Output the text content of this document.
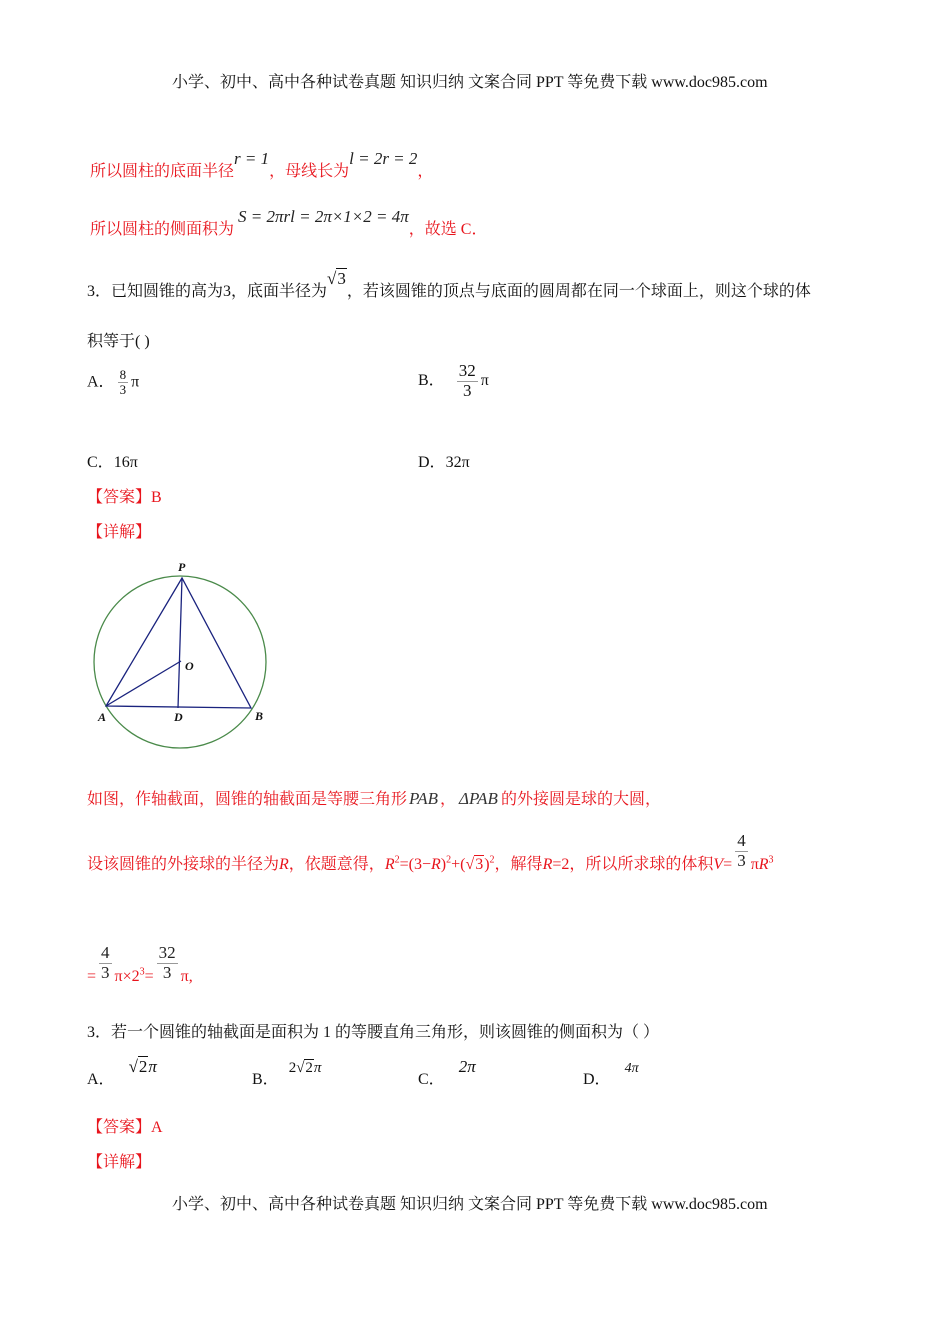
小学、初中、高中各种试卷真题 知识归纳 文案合同 PPT 等免费下载 www.doc985.com
所以圆柱的底面半径r = 1，母线长为l = 2r = 2，
所以圆柱的侧面积为S = 2πrl = 2π×1×2 = 4π，故选 C．
3．已知圆锥的高为3，底面半径为√3，若该圆锥的顶点与底面的圆周都在同一个球面上，则这个球的体
积等于( )
A． $\frac{8}{3}$ π	B． $\frac{32}{3}$ π
C．16π	D．32π
【答案】B
【详解】
P
O
A	D	B
如图，作轴截面，圆锥的轴截面是等腰三角形 PAB ， ΔPAB 的外接圆是球的大圆，
设该圆锥的外接球的半径为R，依题意得，$R^2=(3-R)^2+(√3)^2$，解得R=2，所以所求球的体积$V= \frac{4}{3} \pi R^3$
= $\frac{4}{3} \pi\times 2^3= \frac{32}{3} \pi$,
3．若一个圆锥的轴截面是面积为 1 的等腰直角三角形，则该圆锥的侧面积为（ ）
A．√2π
B．2√2π
C．2π
D．4π
【答案】A
【详解】
小学、初中、高中各种试卷真题 知识归纳 文案合同 PPT 等免费下载 www.doc985.com
